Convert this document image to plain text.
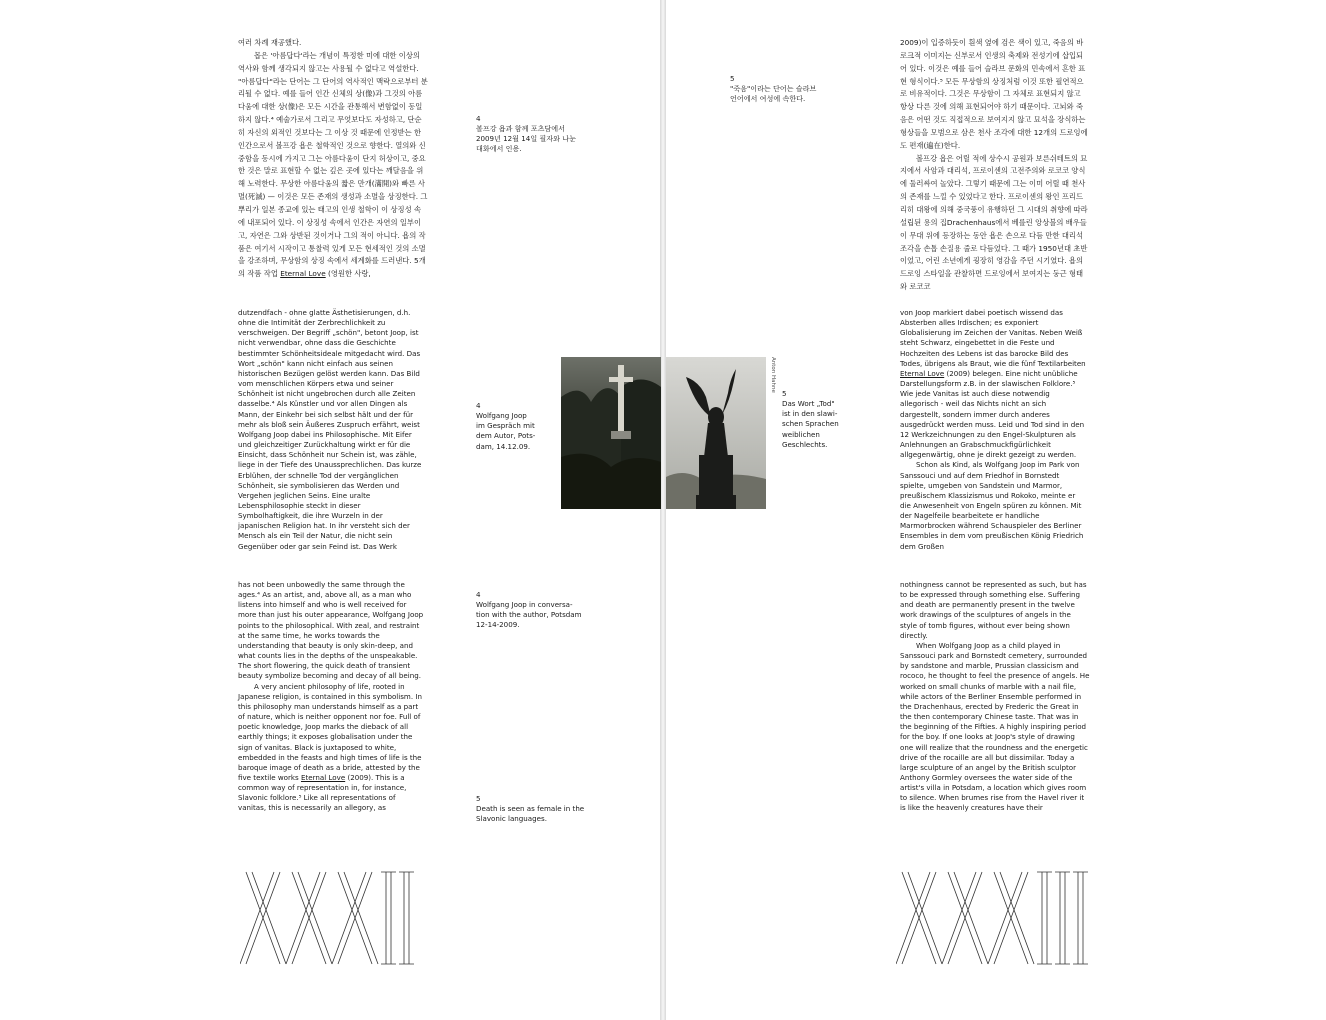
여러 차례 재공했다.

몹은 '아름답다'라는 개념이 특정한 미에 대한 이상의 역사와 함께 생각되지 않고는 사용될 수 없다고 역설한다. "아름답다"라는 단어는 그 단어의 역사적인 맥락으로부터 분리될 수 없다. 예를 들어 인간 신체의 상(像)과 그것의 아름다움에 대한 상(像)은 모든 시간을 관통해서 변함없이 동일하지 않다.⁴ 예술가로서 그리고 무엇보다도 자성하고, 단순히 자신의 외적인 것보다는 그 이상 것 때문에 인정받는 한 인간으로서 볼프강 욥은 철학적인 것으로 향한다. 열의와 신중함을 동시에 가지고 그는 아름다움이 단지 허상이고, 중요한 것은 말로 표현할 수 없는 깊은 곳에 있다는 깨달음을 위해 노력한다. 무상한 아름다움의 짧은 만개(滿開)와 빠른 사멸(死滅) — 이것은 모든 존재의 생성과 소멸을 상징한다. 그 뿌리가 일본 종교에 있는 태고의 인생 철학이 이 상징성 속에 내포되어 있다. 이 상징성 속에서 인간은 자연의 일부이고, 자연은 그와 상반된 것이거나 그의 적이 아니다. 욥의 작품은 여기서 시작이고 통찰력 있게 모든 현세적인 것의 소멸을 강조하며, 무상함의 상징 속에서 세계화를 드러낸다. 5개의 작품 작업 Eternal Love (영원한 사랑,

4

볼프강 욥과 함께 포츠담에서

2009년 12월 14일 필자와 나눈

대화에서 인용.

dutzendfach - ohne glatte Ästhetisierungen, d.h. ohne die Intimität der Zerbrechlichkeit zu verschweigen. Der Begriff „schön", betont Joop, ist nicht verwendbar, ohne dass die Geschichte bestimmter Schönheitsideale mitgedacht wird. Das Wort „schön" kann nicht einfach aus seinen historischen Bezügen gelöst werden kann. Das Bild vom menschlichen Körpers etwa und seiner Schönheit ist nicht ungebrochen durch alle Zeiten dasselbe.⁴ Als Künstler und vor allen Dingen als Mann, der Einkehr bei sich selbst hält und der für mehr als bloß sein Äußeres Zuspruch erfährt, weist Wolfgang Joop dabei ins Philosophische. Mit Eifer und gleichzeitiger Zurückhaltung wirkt er für die Einsicht, dass Schönheit nur Schein ist, was zähle, liege in der Tiefe des Unaussprechlichen. Das kurze Erblühen, der schnelle Tod der vergänglichen Schönheit, sie symbolisieren das Werden und Vergehen jeglichen Seins. Eine uralte Lebensphilosophie steckt in dieser Symbolhaftigkeit, die ihre Wurzeln in der japanischen Religion hat. In ihr versteht sich der Mensch als ein Teil der Natur, die nicht sein Gegenüber oder gar sein Feind ist. Das Werk

4

Wolfgang Joop

im Gespräch mit

dem Autor, Pots-

dam, 14.12.09.

has not been unbowedly the same through the ages.⁴ As an artist, and, above all, as a man who listens into himself and who is well received for more than just his outer appearance, Wolfgang Joop points to the philosophical. With zeal, and restraint at the same time, he works towards the understanding that beauty is only skin-deep, and what counts lies in the depths of the unspeakable. The short flowering, the quick death of transient beauty symbolize becoming and decay of all being.

A very ancient philosophy of life, rooted in Japanese religion, is contained in this symbolism. In this philosophy man understands himself as a part of nature, which is neither opponent nor foe. Full of poetic knowledge, Joop marks the dieback of all earthly things; it exposes globalisation under the sign of vanitas. Black is juxtaposed to white, embedded in the feasts and high times of life is the baroque image of death as a bride, attested by the five textile works Eternal Love (2009). This is a common way of representation in, for instance, Slavonic folklore.⁵ Like all representations of vanitas, this is necessarily an allegory, as

4

Wolfgang Joop in conversa-

tion with the author, Potsdam

12-14-2009.

5

Death is seen as female in the

Slavonic languages.

Anton Hahne

5

"죽음"이라는 단어는 슬라브

언어에서 여성에 속한다.

2009)이 입증하듯이 흰색 옆에 검은 색이 있고, 죽음의 바로크적 이미지는 신부로서 인생의 축제와 전성기에 삽입되어 있다. 이것은 예를 들어 슬라브 문화의 민속에서 흔한 표현 형식이다.⁵ 모든 무상함의 상징처럼 이것 또한 필연적으로 비유적이다. 그것은 무상함이 그 자체로 표현되지 않고 항상 다른 것에 의해 표현되어야 하기 때문이다. 고뇌와 죽음은 어떤 것도 직접적으로 보여지지 않고 묘석을 장식하는 형상들을 모범으로 삼은 천사 조각에 대한 12개의 드로잉에도 편재(遍在)한다.

볼프강 욥은 어릴 적에 상수시 공원과 보른쉬테트의 묘지에서 사암과 대리석, 프로이센의 고전주의와 로코코 양식에 둘러싸여 놀았다. 그렇기 때문에 그는 이미 어릴 때 천사의 존재를 느낄 수 있었다고 한다. 프로이센의 왕인 프리드리히 대왕에 의해 중국풍이 유행하던 그 시대의 취향에 따라 설립된 용의 집Drachenhaus에서 베를린 앙상블의 배우들이 무대 위에 등장하는 동안 욥은 손으로 다듬 만한 대리석 조각을 손톱 손질용 줄로 다듬었다. 그 때가 1950년대 초반이었고, 어린 소년에게 굉장히 영감을 주던 시기였다. 욥의 드로잉 스타일을 관찰하면 드로잉에서 보여지는 둥근 형태와 로코코

5

Das Wort „Tod"

ist in den slawi-

schen Sprachen

weiblichen

Geschlechts.

von Joop markiert dabei poetisch wissend das Absterben alles Irdischen; es exponiert Globalisierung im Zeichen der Vanitas. Neben Weiß steht Schwarz, eingebettet in die Feste und Hochzeiten des Lebens ist das barocke Bild des Todes, übrigens als Braut, wie die fünf Textilarbeiten Eternal Love (2009) belegen. Eine nicht unübliche Darstellungsform z.B. in der slawischen Folklore.⁵ Wie jede Vanitas ist auch diese notwendig allegorisch - weil das Nichts nicht an sich dargestellt, sondern immer durch anderes ausgedrückt werden muss. Leid und Tod sind in den 12 Werkzeichnungen zu den Engel-Skulpturen als Anlehnungen an Grabschmuckfigürlichkeit allgegenwärtig, ohne je direkt gezeigt zu werden.

Schon als Kind, als Wolfgang Joop im Park von Sanssouci und auf dem Friedhof in Bornstedt spielte, umgeben von Sandstein und Marmor, preußischem Klassizismus und Rokoko, meinte er die Anwesenheit von Engeln spüren zu können. Mit der Nagelfeile bearbeitete er handliche Marmorbrocken während Schauspieler des Berliner Ensembles in dem vom preußischen König Friedrich dem Großen

nothingness cannot be represented as such, but has to be expressed through something else. Suffering and death are permanently present in the twelve work drawings of the sculptures of angels in the style of tomb figures, without ever being shown directly.

When Wolfgang Joop as a child played in Sanssouci park and Bornstedt cemetery, surrounded by sandstone and marble, Prussian classicism and rococo, he thought to feel the presence of angels. He worked on small chunks of marble with a nail file, while actors of the Berliner Ensemble performed in the Drachenhaus, erected by Frederic the Great in the then contemporary Chinese taste. That was in the beginning of the Fifties. A highly inspiring period for the boy. If one looks at Joop's style of drawing one will realize that the roundness and the energetic drive of the rocaille are all but dissimilar. Today a large sculpture of an angel by the British sculptor Anthony Gormley oversees the water side of the artist's villa in Potsdam, a location which gives room to silence. When brumes rise from the Havel river it is like the heavenly creatures have their
